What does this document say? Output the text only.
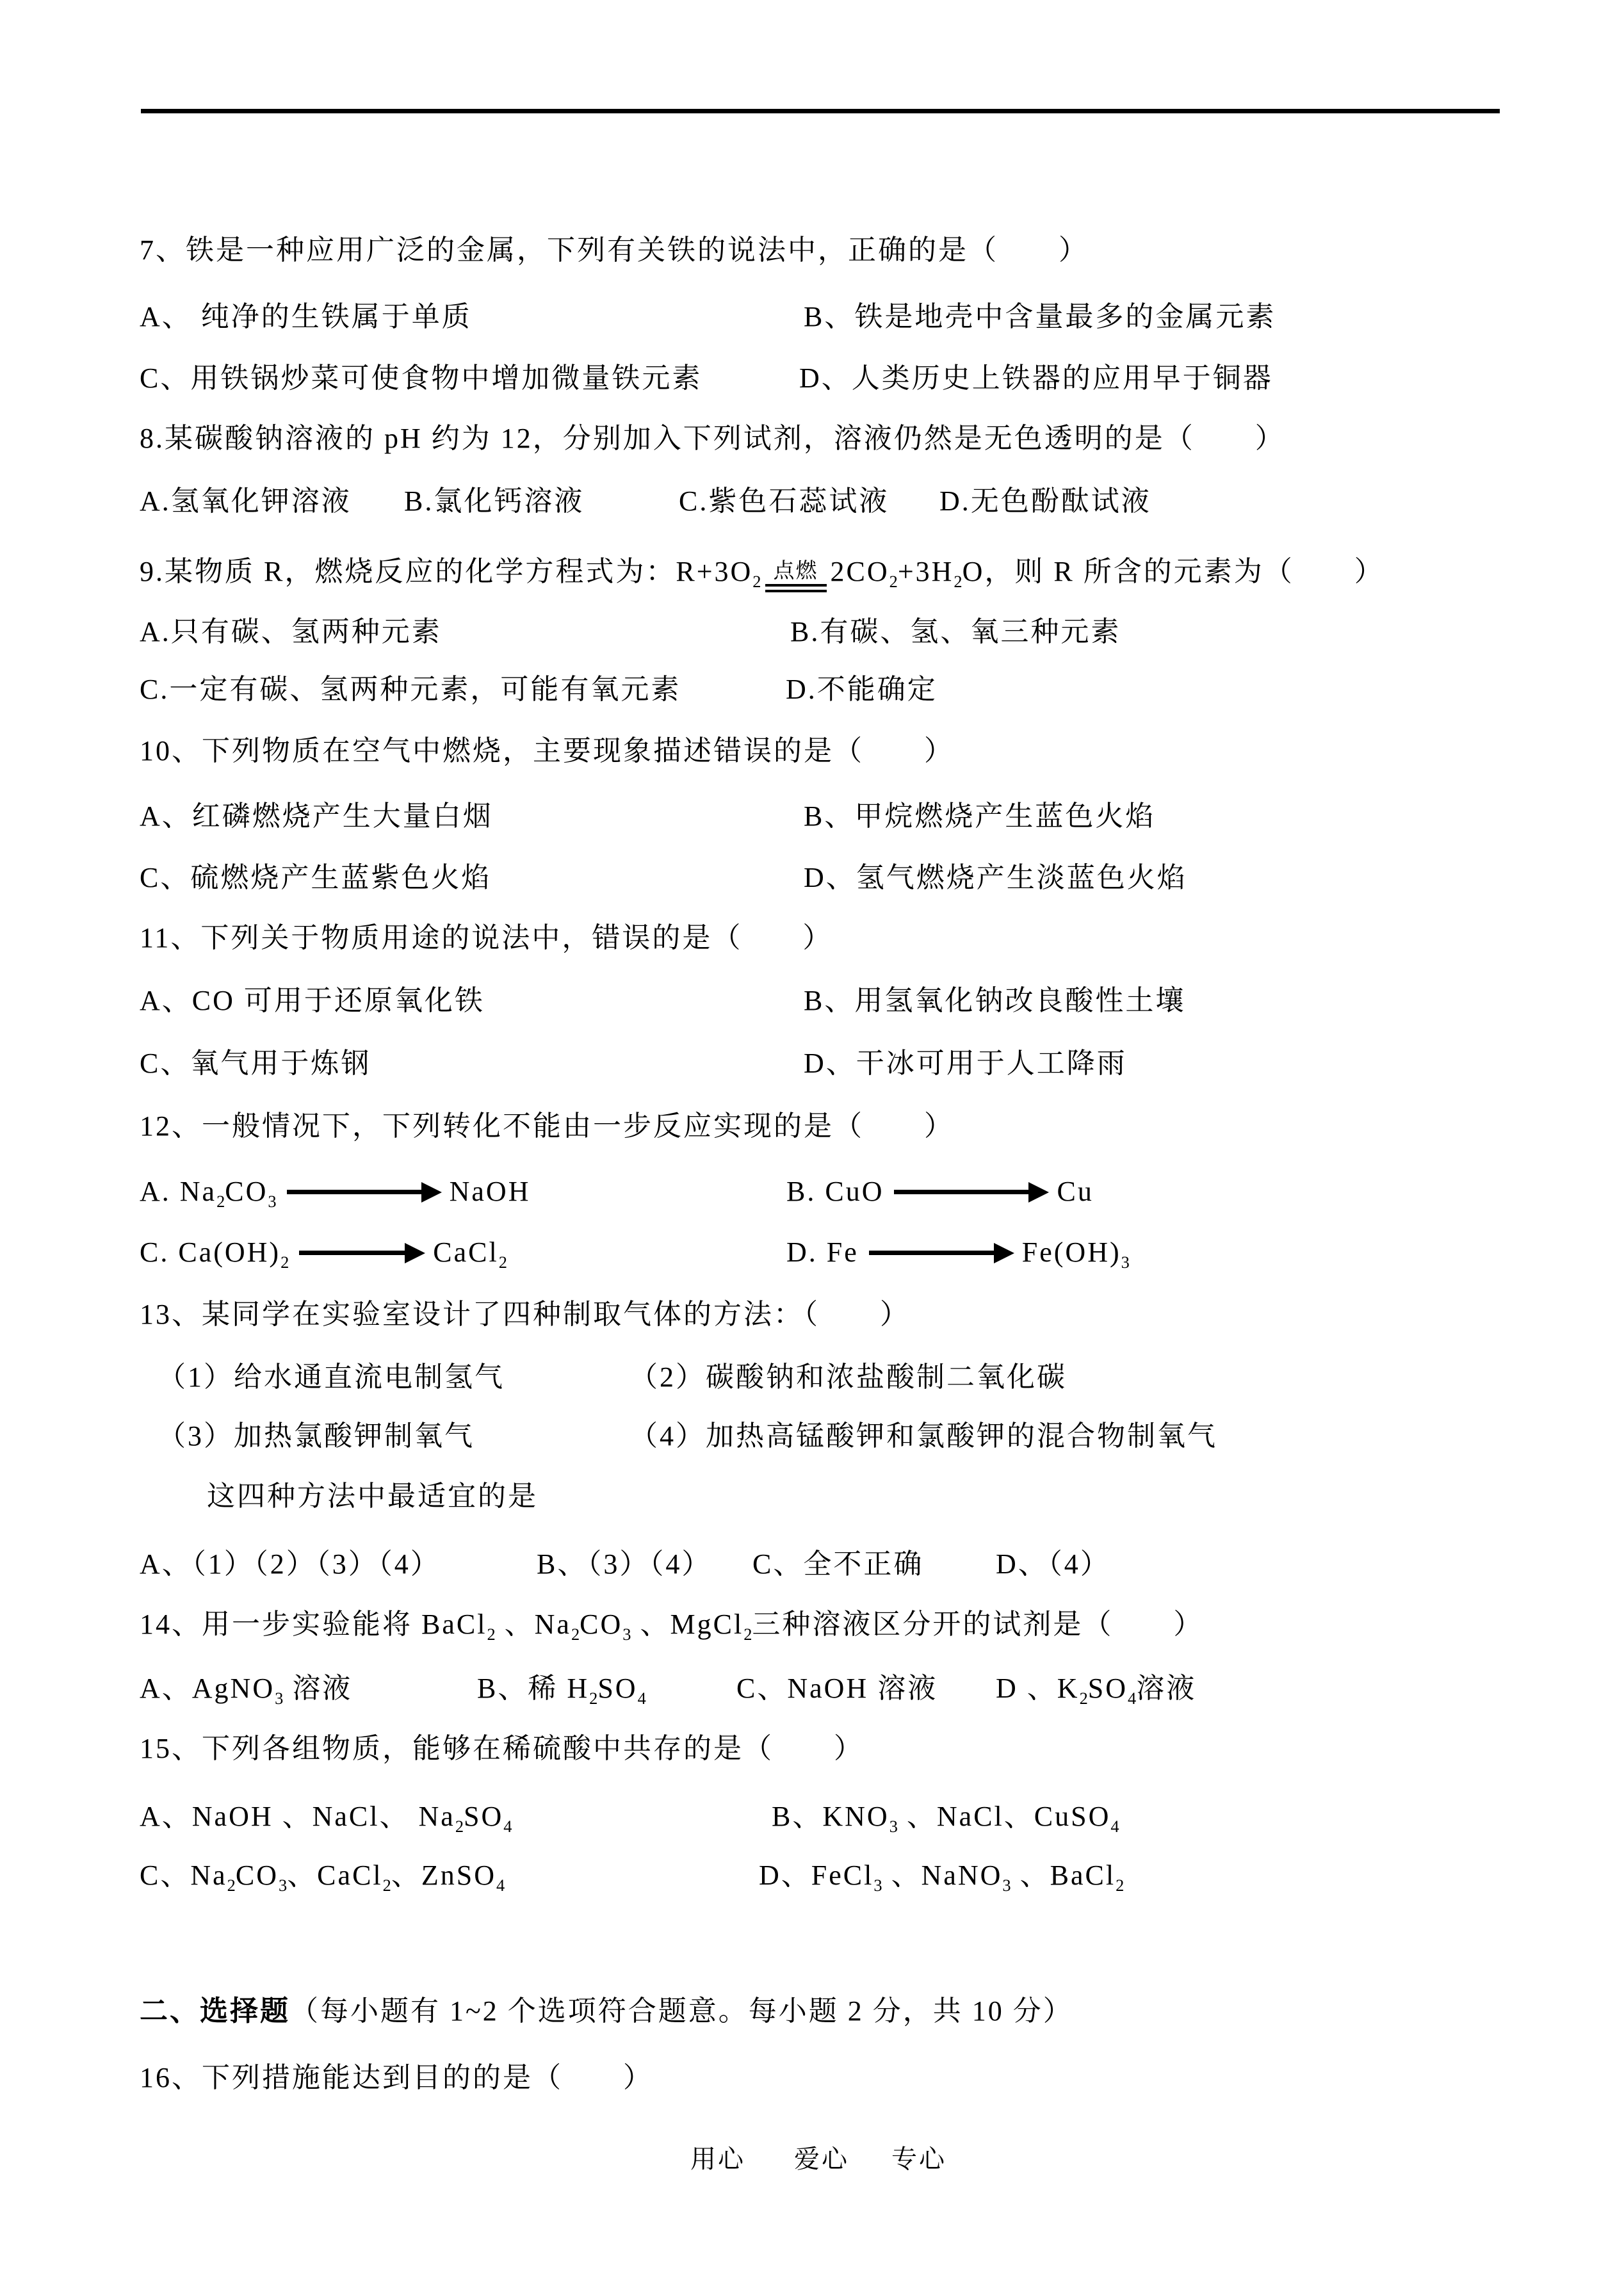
7、铁是一种应用广泛的金属，下列有关铁的说法中，正确的是（　　）
A、 纯净的生铁属于单质	B、铁是地壳中含量最多的金属元素
C、用铁锅炒菜可使食物中增加微量铁元素	D、人类历史上铁器的应用早于铜器
8.某碳酸钠溶液的 pH 约为 12，分别加入下列试剂，溶液仍然是无色透明的是（　　）
A.氢氧化钾溶液 B.氯化钙溶液	C.紫色石蕊试液 D.无色酚酞试液
9.某物质 R，燃烧反应的化学方程式为：$R+3O_2$ 点燃 $2CO_2+3H_2O$，则 R 所含的元素为（　　）
A.只有碳、氢两种元素	B.有碳、氢、氧三种元素
C.一定有碳、氢两种元素，可能有氧元素	D.不能确定
10、下列物质在空气中燃烧，主要现象描述错误的是（　　）
A、红磷燃烧产生大量白烟	B、甲烷燃烧产生蓝色火焰
C、硫燃烧产生蓝紫色火焰	D、氢气燃烧产生淡蓝色火焰
11、下列关于物质用途的说法中，错误的是（　　）
A、CO 可用于还原氧化铁	B、用氢氧化钠改良酸性土壤
C、氧气用于炼钢	D、干冰可用于人工降雨
12、一般情况下，下列转化不能由一步反应实现的是（　　）
A. $Na_2CO_3$	NaOH	B. CuO	Cu
C. $Ca(OH)_2$	CaCl$_2$	D. Fe	$Fe(OH)_3$
13、某同学在实验室设计了四种制取气体的方法：（　　）
（1）给水通直流电制氢气	（2）碳酸钠和浓盐酸制二氧化碳
（3）加热氯酸钾制氧气	（4）加热高锰酸钾和氯酸钾的混合物制氧气
这四种方法中最适宜的是
A、（1）（2）（3）（4）	B、（3）（4） C、全不正确	D、（4）
14、用一步实验能将 BaCl$_2$ 、$Na_2CO_3$ 、MgCl$_2$三种溶液区分开的试剂是（　　）
A、AgNO$_3$ 溶液	B、稀 $H_2SO_4$	C、NaOH 溶液 D 、$K_2SO_4$溶液
15、下列各组物质，能够在稀硫酸中共存的是（　　）
A、NaOH 、NaCl、 $Na_2SO_4$	B、$KNO_3$ 、NaCl、CuSO$_4$
C、$Na_2CO_3$、CaCl$_2$、ZnSO$_4$	D、FeCl$_3$ 、NaNO$_3$ 、BaCl$_2$
二、选择题（每小题有 1~2 个选项符合题意。每小题 2 分，共 10 分）
16、下列措施能达到目的的是（　　）
用心 爱心 专心
